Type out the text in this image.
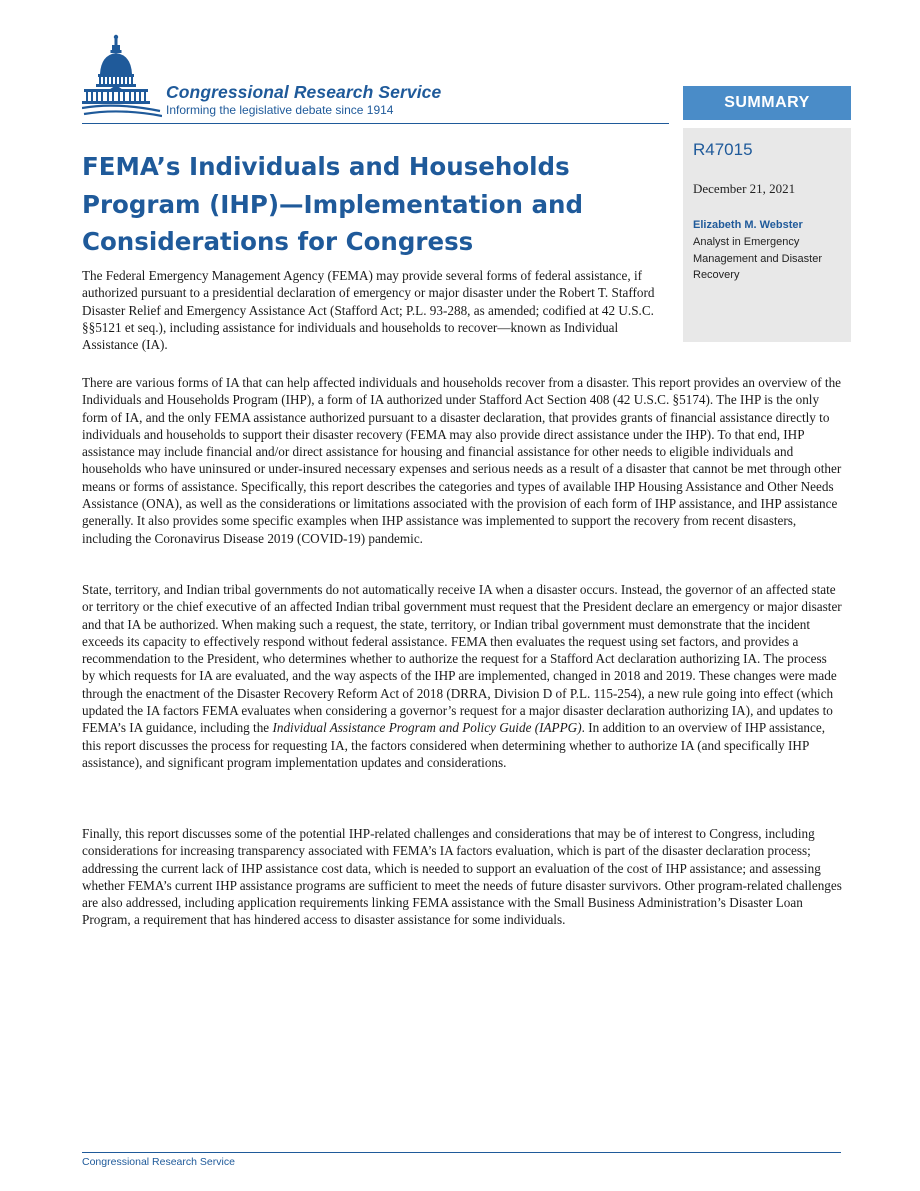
Congressional Research Service
Informing the legislative debate since 1914	SUMMARY
R47015
December 21, 2021
Elizabeth M. Webster
Analyst in Emergency Management and Disaster Recovery
FEMA’s Individuals and Households Program (IHP)—Implementation and Considerations for Congress

The Federal Emergency Management Agency (FEMA) may provide several forms of federal assistance, if authorized pursuant to a presidential declaration of emergency or major disaster under the Robert T. Stafford Disaster Relief and Emergency Assistance Act (Stafford Act; P.L. 93-288, as amended; codified at 42 U.S.C. §§5121 et seq.), including assistance for individuals and households to recover—known as Individual Assistance (IA).

There are various forms of IA that can help affected individuals and households recover from a disaster. This report provides an overview of the Individuals and Households Program (IHP), a form of IA authorized under Stafford Act Section 408 (42 U.S.C. §5174). The IHP is the only form of IA, and the only FEMA assistance authorized pursuant to a disaster declaration, that provides grants of financial assistance directly to individuals and households to support their disaster recovery (FEMA may also provide direct assistance under the IHP). To that end, IHP assistance may include financial and/or direct assistance for housing and financial assistance for other needs to eligible individuals and households who have uninsured or under-insured necessary expenses and serious needs as a result of a disaster that cannot be met through other means or forms of assistance. Specifically, this report describes the categories and types of available IHP Housing Assistance and Other Needs Assistance (ONA), as well as the considerations or limitations associated with the provision of each form of IHP assistance, and IHP assistance generally. It also provides some specific examples when IHP assistance was implemented to support the recovery from recent disasters, including the Coronavirus Disease 2019 (COVID-19) pandemic.

State, territory, and Indian tribal governments do not automatically receive IA when a disaster occurs. Instead, the governor of an affected state or territory or the chief executive of an affected Indian tribal government must request that the President declare an emergency or major disaster and that IA be authorized. When making such a request, the state, territory, or Indian tribal government must demonstrate that the incident exceeds its capacity to effectively respond without federal assistance. FEMA then evaluates the request using set factors, and provides a recommendation to the President, who determines whether to authorize the request for a Stafford Act declaration authorizing IA. The process by which requests for IA are evaluated, and the way aspects of the IHP are implemented, changed in 2018 and 2019. These changes were made through the enactment of the Disaster Recovery Reform Act of 2018 (DRRA, Division D of P.L. 115-254), a new rule going into effect (which updated the IA factors FEMA evaluates when considering a governor’s request for a major disaster declaration authorizing IA), and updates to FEMA’s IA guidance, including the Individual Assistance Program and Policy Guide (IAPPG). In addition to an overview of IHP assistance, this report discusses the process for requesting IA, the factors considered when determining whether to authorize IA (and specifically IHP assistance), and significant program implementation updates and considerations.

Finally, this report discusses some of the potential IHP-related challenges and considerations that may be of interest to Congress, including considerations for increasing transparency associated with FEMA’s IA factors evaluation, which is part of the disaster declaration process; addressing the current lack of IHP assistance cost data, which is needed to support an evaluation of the cost of IHP assistance; and assessing whether FEMA’s current IHP assistance programs are sufficient to meet the needs of future disaster survivors. Other program-related challenges are also addressed, including application requirements linking FEMA assistance with the Small Business Administration’s Disaster Loan Program, a requirement that has hindered access to disaster assistance for some individuals.

Congressional Research Service
